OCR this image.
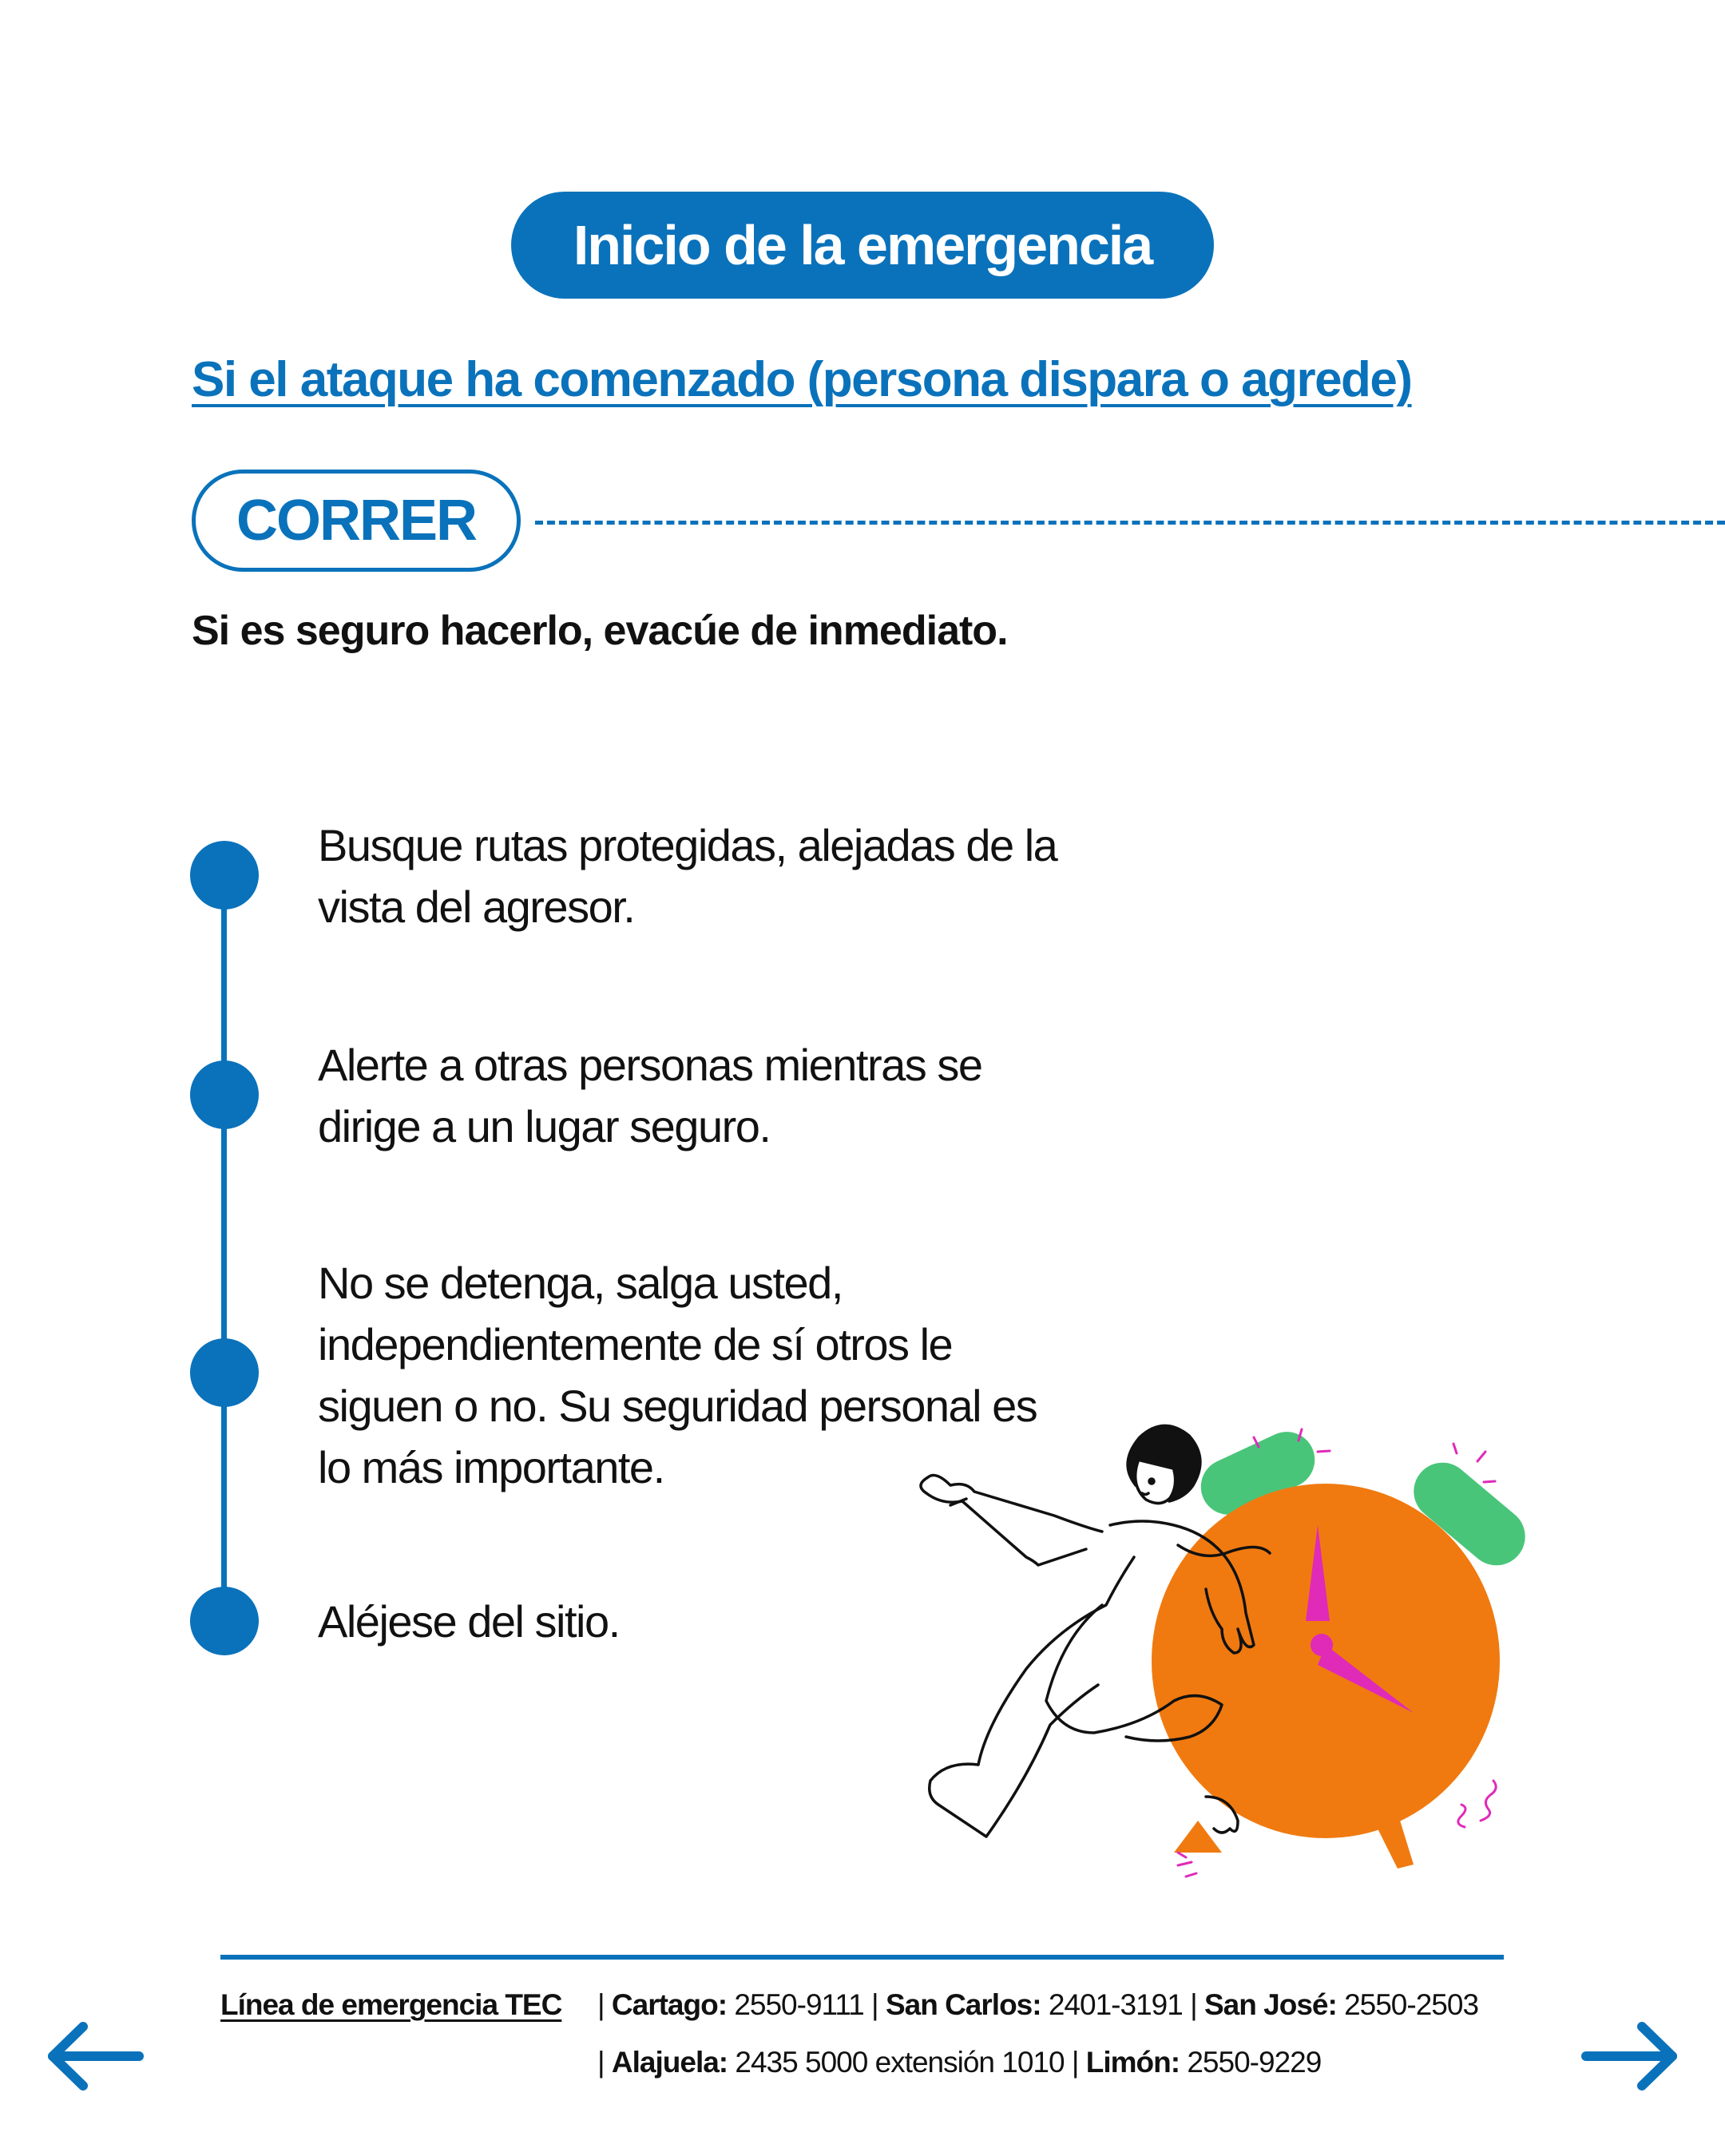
Inicio de la emergencia
Si el ataque ha comenzado (persona dispara o agrede)
CORRER
Si es seguro hacerlo, evacúe de inmediato.
Busque rutas protegidas, alejadas de la
vista del agresor.
Alerte a otras personas mientras se
dirige a un lugar seguro.
No se detenga, salga usted,
independientemente de sí otros le
siguen o no. Su seguridad personal es
lo más importante.
Aléjese del sitio.
Línea de emergencia TEC | Cartago: 2550-9111 | San Carlos: 2401-3191 | San José: 2550-2503
| Alajuela: 2435 5000 extensión 1010 | Limón: 2550-9229
